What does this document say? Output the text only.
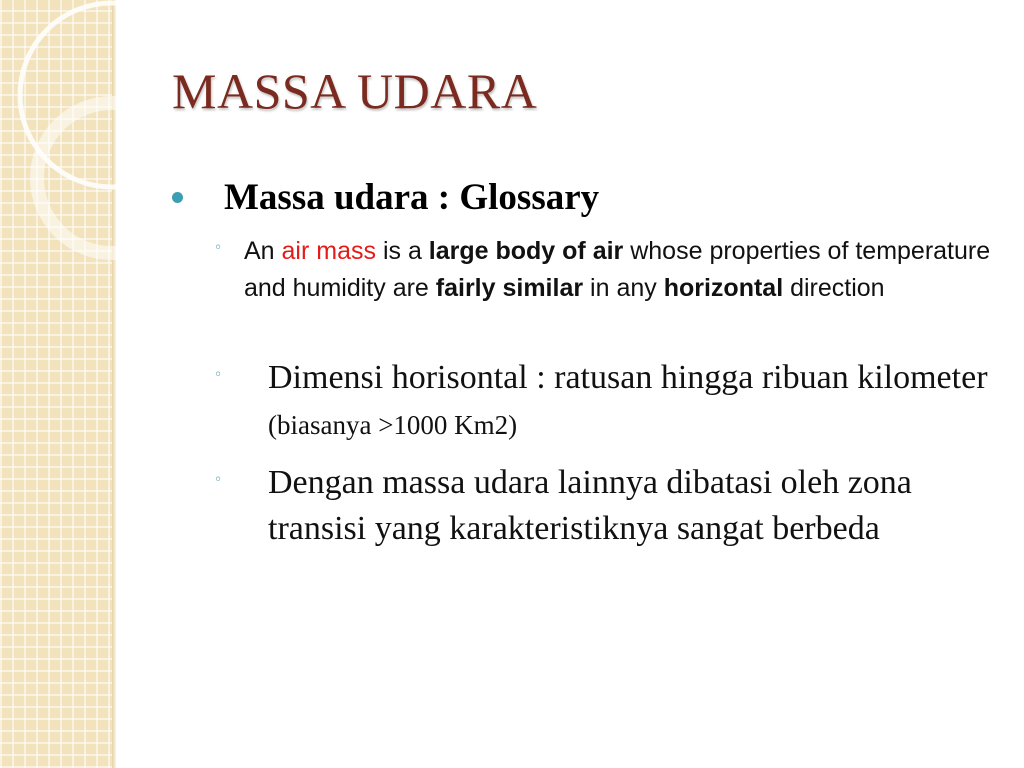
MASSA UDARA
Massa udara : Glossary
◦ An air mass is a large body of air whose properties of temperature and humidity are fairly similar in any horizontal direction
◦ Dimensi horisontal : ratusan hingga ribuan kilometer (biasanya >1000 Km2)
◦ Dengan massa udara lainnya dibatasi oleh zona transisi yang karakteristiknya sangat berbeda
